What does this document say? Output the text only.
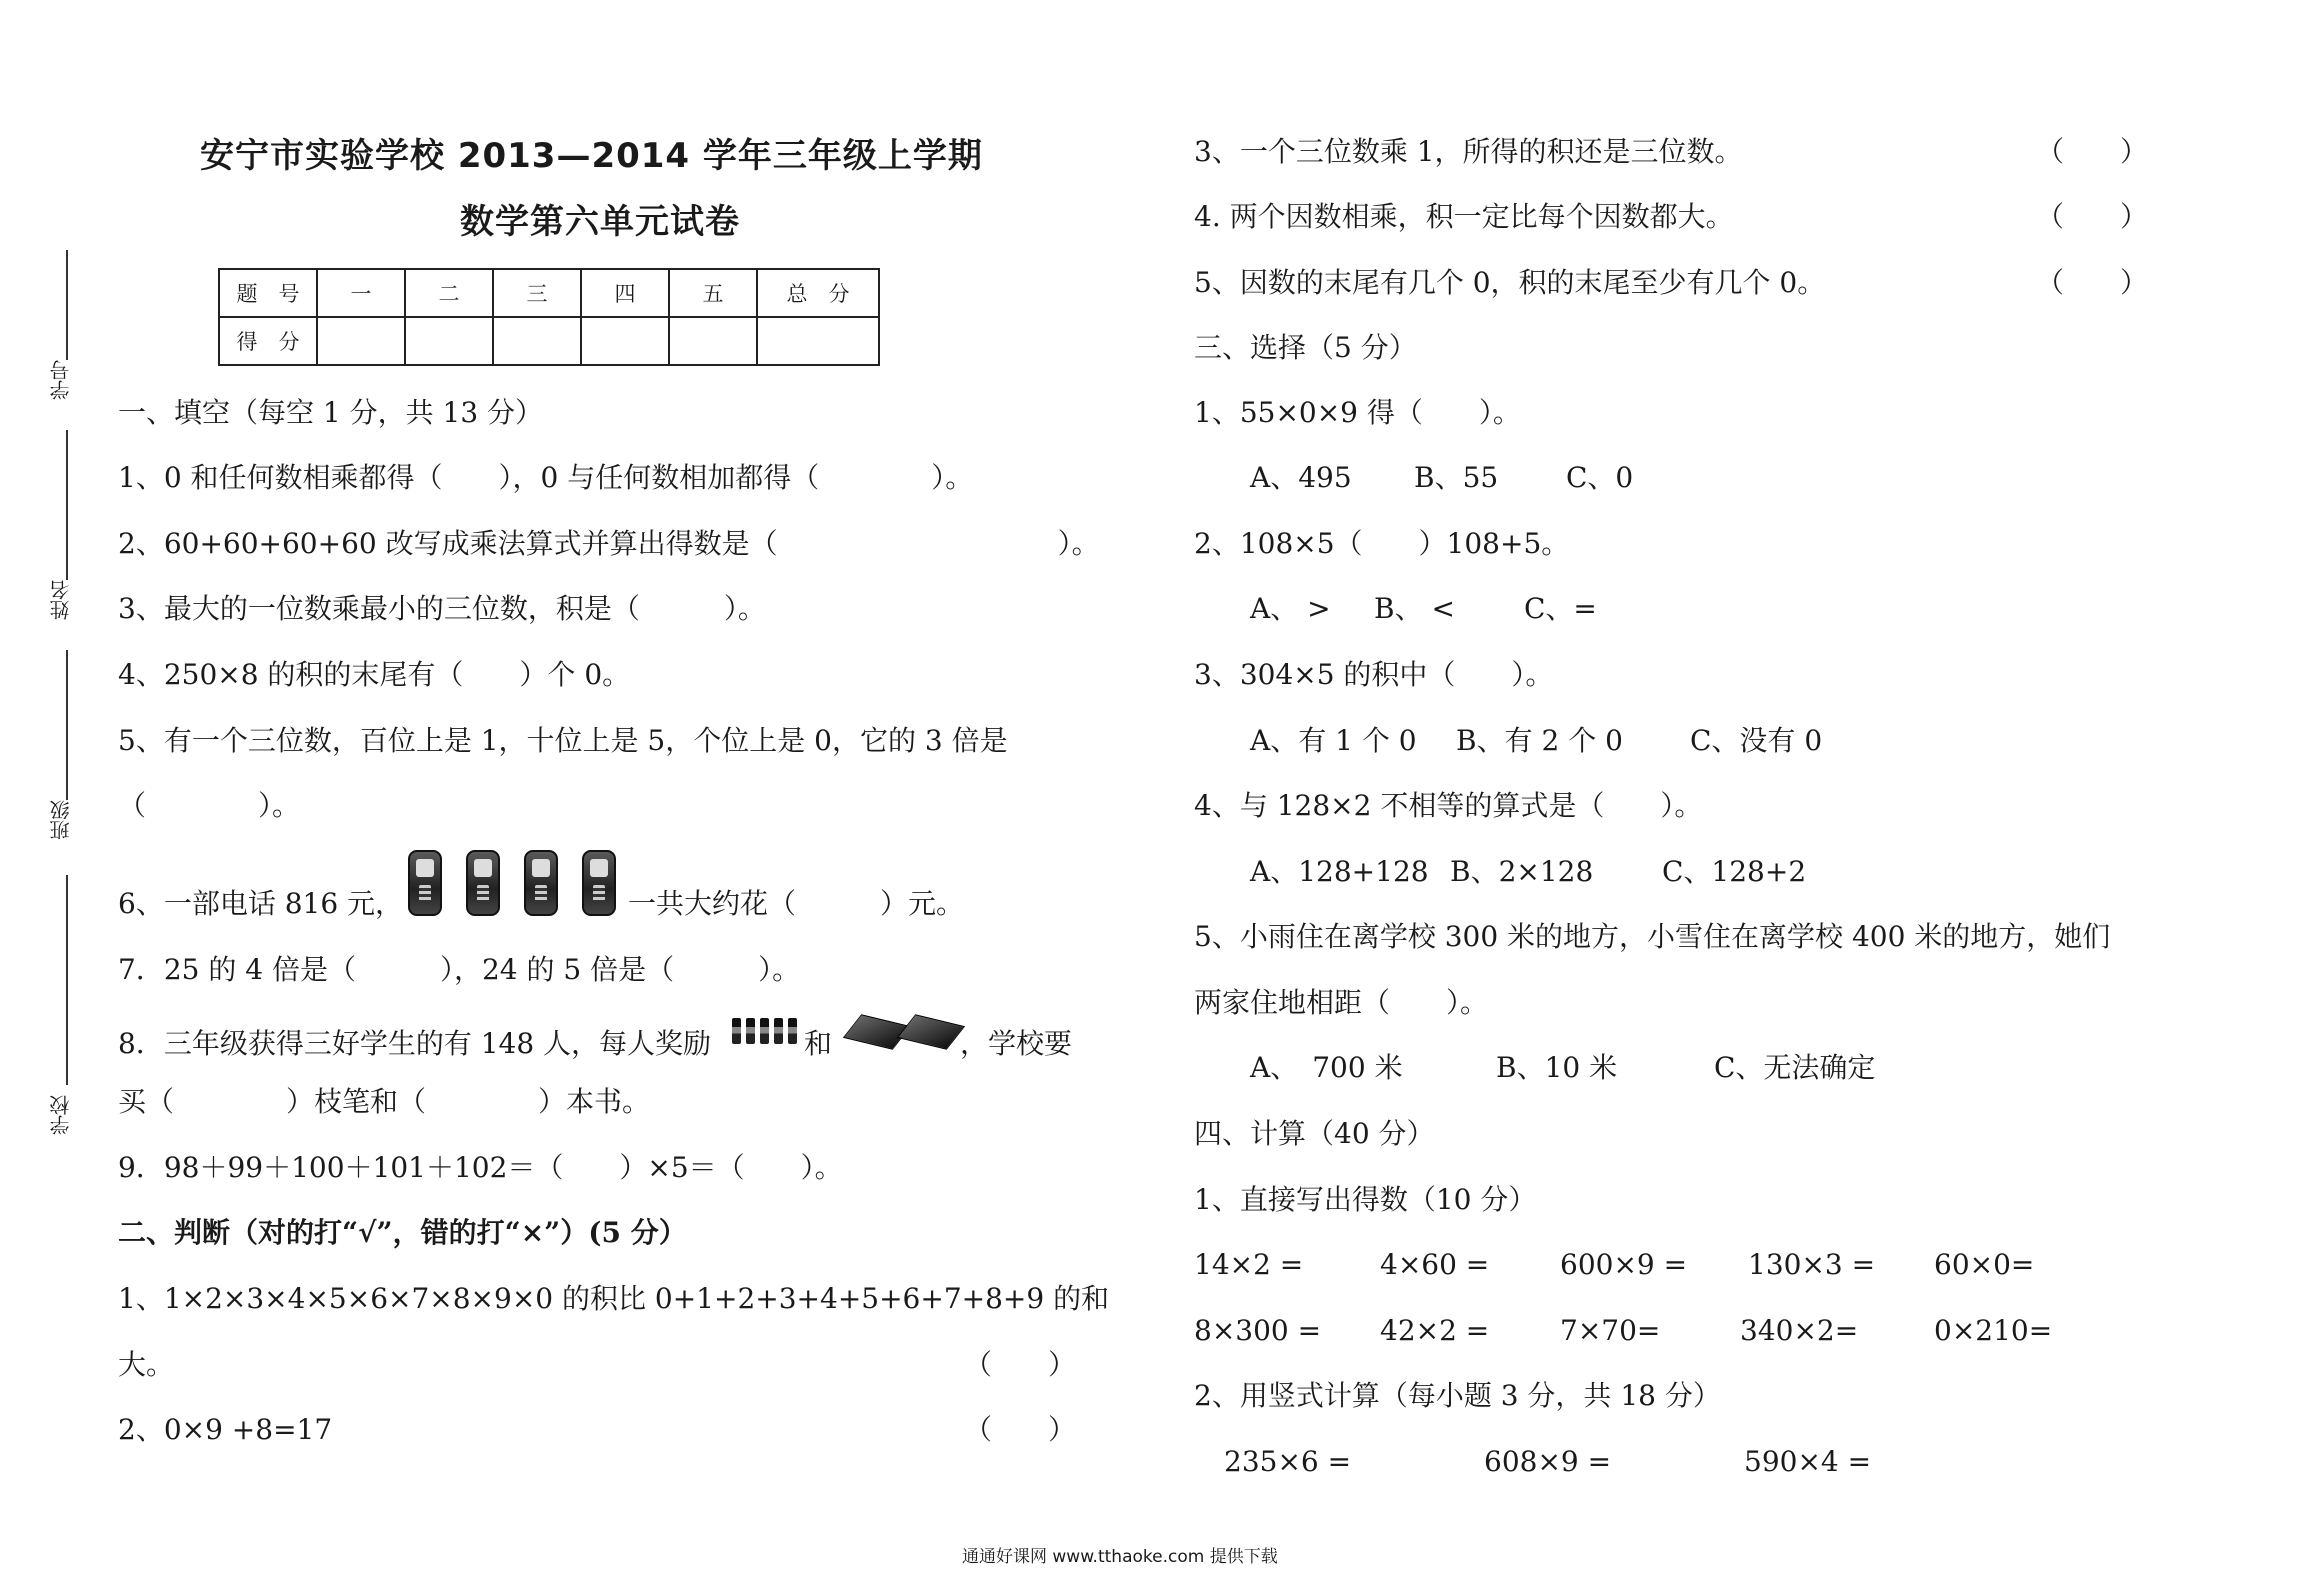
安宁市实验学校 2013—2014 学年三年级上学期
数学第六单元试卷
题　号	一	二	三	四	五	总　分
得　分						
学号
姓名
班级
学校
一、填空（每空 1 分，共 13 分）
1、0 和任何数相乘都得（　　），0 与任何数相加都得（　　　　）。
2、60+60+60+60 改写成乘法算式并算出得数是（　　　　　　　　　　）。
3、最大的一位数乘最小的三位数，积是（　　　）。
4、250×8 的积的末尾有（　　）个 0。
5、有一个三位数，百位上是 1，十位上是 5，个位上是 0，它的 3 倍是
（　　　　）。
6、一部电话 816 元，	一共大约花（　　　）元。
7．25 的 4 倍是（　　　），24 的 5 倍是（　　　）。
8．三年级获得三好学生的有 148 人，每人奖励	和	，学校要
买（　　　　）枝笔和（　　　　）本书。
9．98＋99＋100＋101＋102＝（　　）×5＝（　　）。
二、判断（对的打“√”，错的打“×”）(5 分）
1、1×2×3×4×5×6×7×8×9×0 的积比 0+1+2+3+4+5+6+7+8+9 的和
大。	（　　）
2、0×9 +8=17	（　　）
3、一个三位数乘 1，所得的积还是三位数。	（　　）
4. 两个因数相乘，积一定比每个因数都大。	（　　）
5、因数的末尾有几个 0，积的末尾至少有几个 0。	（　　）
三、选择（5 分）
1、55×0×9 得（　　）。
A、495 B、55 C、0
2、108×5（　　）108+5。
A、 > B、 < C、=
3、304×5 的积中（　　）。
A、有 1 个 0 B、有 2 个 0 C、没有 0
4、与 128×2 不相等的算式是（　　）。
A、128+128 B、2×128 C、128+2
5、小雨住在离学校 300 米的地方，小雪住在离学校 400 米的地方，她们
两家住地相距（　　）。
A、　700 米	B、10 米	C、无法确定
四、计算（40 分）
1、直接写出得数（10 分）
14×2 =	4×60 =	600×9 = 130×3 = 60×0=
8×300 = 42×2 =	7×70=	340×2=	0×210=
2、用竖式计算（每小题 3 分，共 18 分）
235×6 =	608×9 =	590×4 =
通通好课网 www.tthaoke.com 提供下载
